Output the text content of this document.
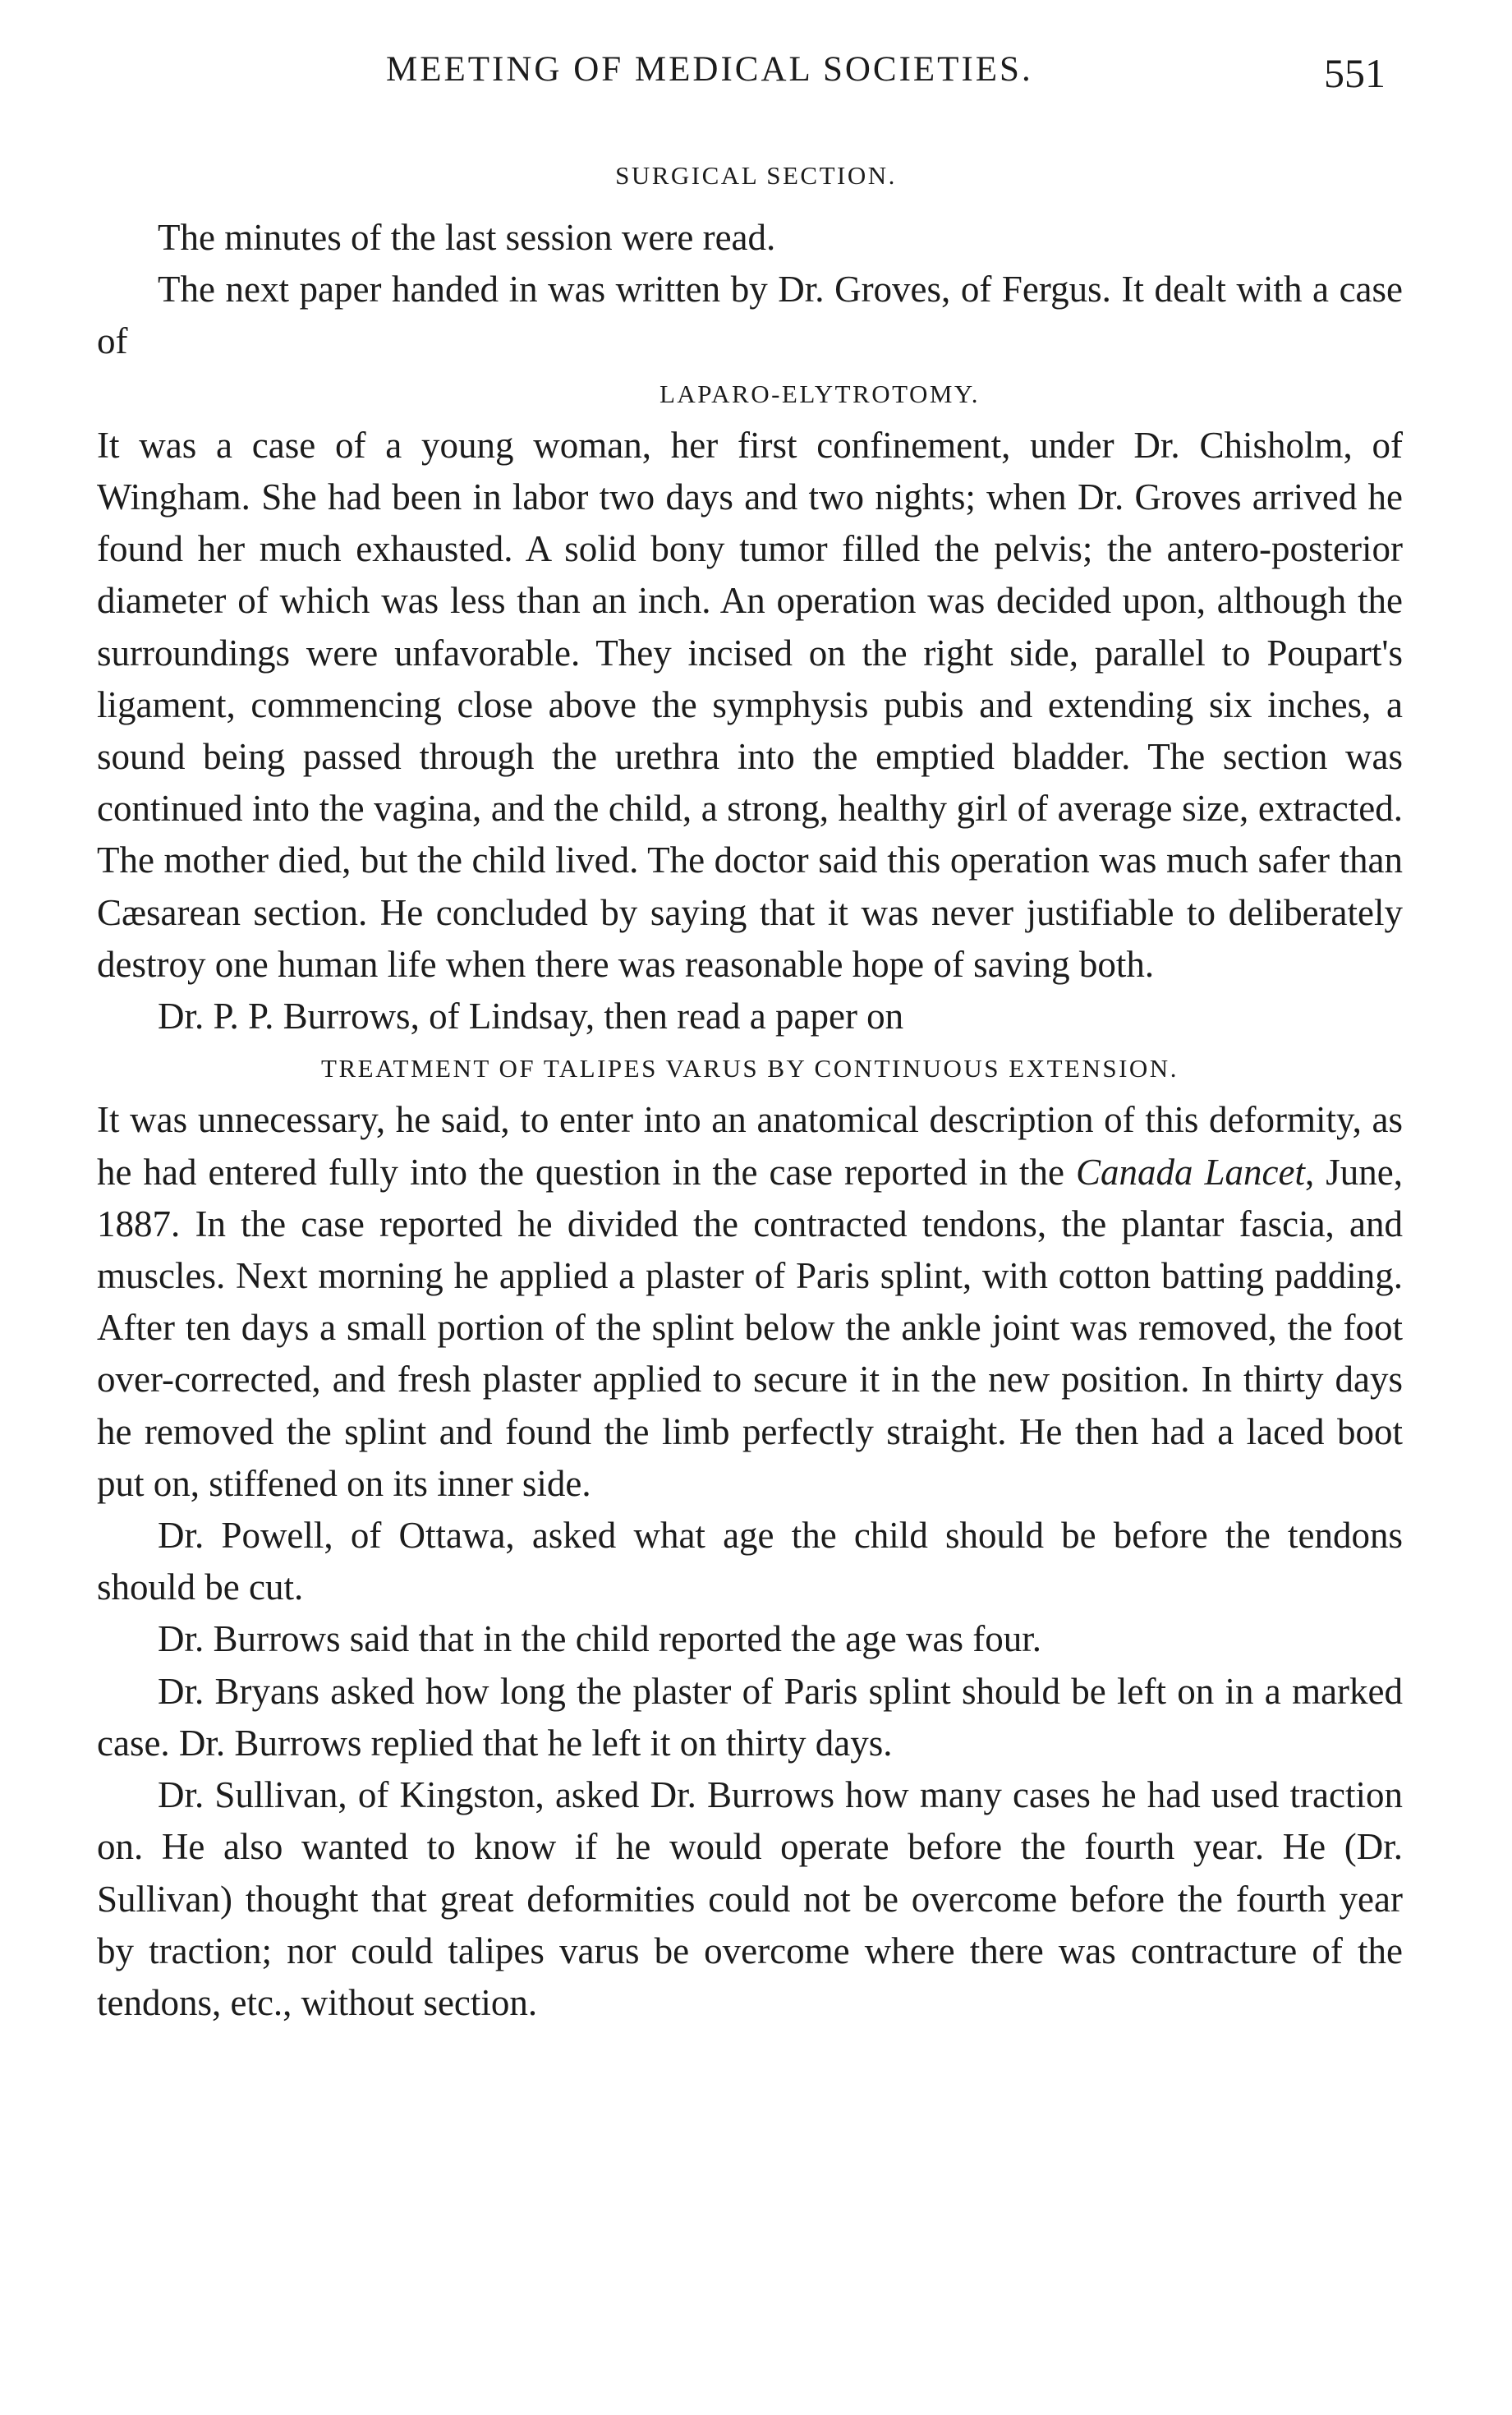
MEETING OF MEDICAL SOCIETIES.	551
SURGICAL SECTION.

The minutes of the last session were read.

The next paper handed in was written by Dr. Groves, of Fergus. It dealt with a case of

LAPARO-ELYTROTOMY.

It was a case of a young woman, her first confinement, under Dr. Chisholm, of Wingham. She had been in labor two days and two nights; when Dr. Groves arrived he found her much exhausted. A solid bony tumor filled the pelvis; the antero-posterior diameter of which was less than an inch. An operation was decided upon, although the surroundings were unfavorable. They incised on the right side, parallel to Poupart's ligament, commencing close above the symphysis pubis and extending six inches, a sound being passed through the urethra into the emptied bladder. The section was continued into the vagina, and the child, a strong, healthy girl of average size, extracted. The mother died, but the child lived. The doctor said this operation was much safer than Cæsarean section. He concluded by saying that it was never justifiable to deliberately destroy one human life when there was reasonable hope of saving both.

Dr. P. P. Burrows, of Lindsay, then read a paper on

TREATMENT OF TALIPES VARUS BY CONTINUOUS EXTENSION.

It was unnecessary, he said, to enter into an anatomical description of this deformity, as he had entered fully into the question in the case reported in the Canada Lancet, June, 1887. In the case reported he divided the contracted tendons, the plantar fascia, and muscles. Next morning he applied a plaster of Paris splint, with cotton batting padding. After ten days a small portion of the splint below the ankle joint was removed, the foot over-corrected, and fresh plaster applied to secure it in the new position. In thirty days he removed the splint and found the limb perfectly straight. He then had a laced boot put on, stiffened on its inner side.

Dr. Powell, of Ottawa, asked what age the child should be before the tendons should be cut.

Dr. Burrows said that in the child reported the age was four.

Dr. Bryans asked how long the plaster of Paris splint should be left on in a marked case. Dr. Burrows replied that he left it on thirty days.

Dr. Sullivan, of Kingston, asked Dr. Burrows how many cases he had used traction on. He also wanted to know if he would operate before the fourth year. He (Dr. Sullivan) thought that great deformities could not be overcome before the fourth year by traction; nor could talipes varus be overcome where there was contracture of the tendons, etc., without section.
